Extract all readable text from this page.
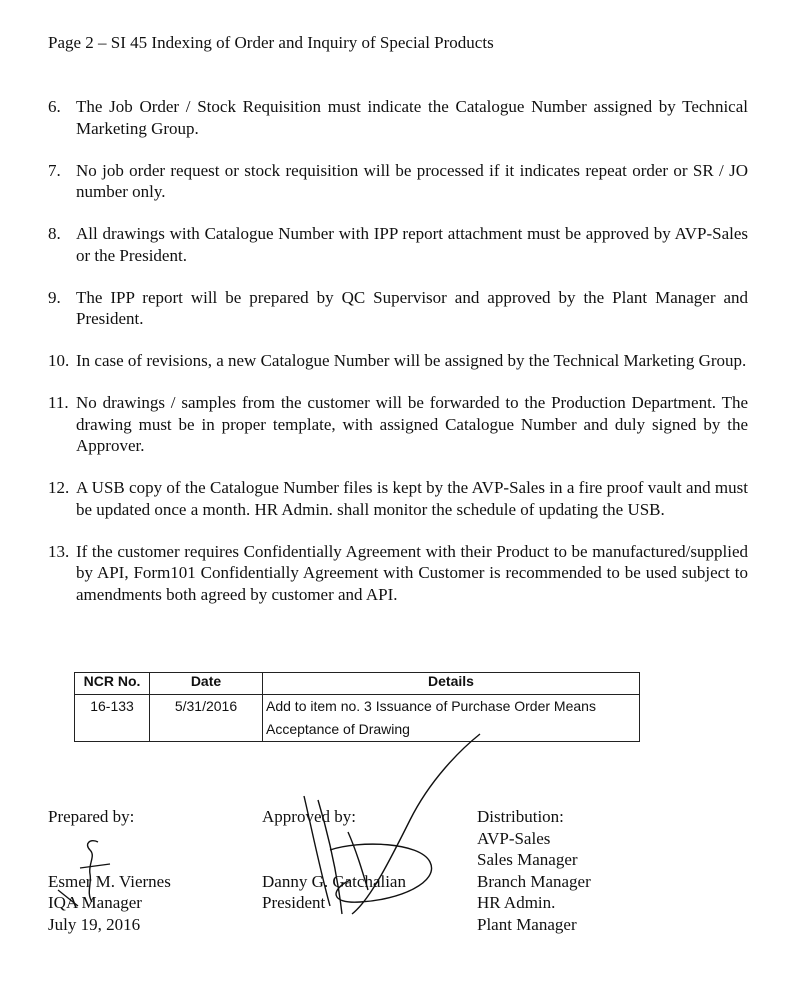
Page 2 – SI 45 Indexing of Order and Inquiry of Special Products
6. The Job Order / Stock Requisition must indicate the Catalogue Number assigned by Technical Marketing Group.
7. No job order request or stock requisition will be processed if it indicates repeat order or SR / JO number only.
8. All drawings with Catalogue Number with IPP report attachment must be approved by AVP-Sales or the President.
9. The IPP report will be prepared by QC Supervisor and approved by the Plant Manager and President.
10. In case of revisions, a new Catalogue Number will be assigned by the Technical Marketing Group.
11. No drawings / samples from the customer will be forwarded to the Production Department. The drawing must be in proper template, with assigned Catalogue Number and duly signed by the Approver.
12. A USB copy of the Catalogue Number files is kept by the AVP-Sales in a fire proof vault and must be updated once a month. HR Admin. shall monitor the schedule of updating the USB.
13. If the customer requires Confidentially Agreement with their Product to be manufactured/supplied by API, Form101 Confidentially Agreement with Customer is recommended to be used subject to amendments both agreed by customer and API.
NCR No.	Date	Details
16-133	5/31/2016	Add to item no. 3 Issuance of Purchase Order Means
Acceptance of Drawing
Prepared by:
Esmer M. Viernes
IQA Manager
July 19, 2016
Approved by:
Danny G. Gatchalian
President
Distribution:
AVP-Sales
Sales Manager
Branch Manager
HR Admin.
Plant Manager
